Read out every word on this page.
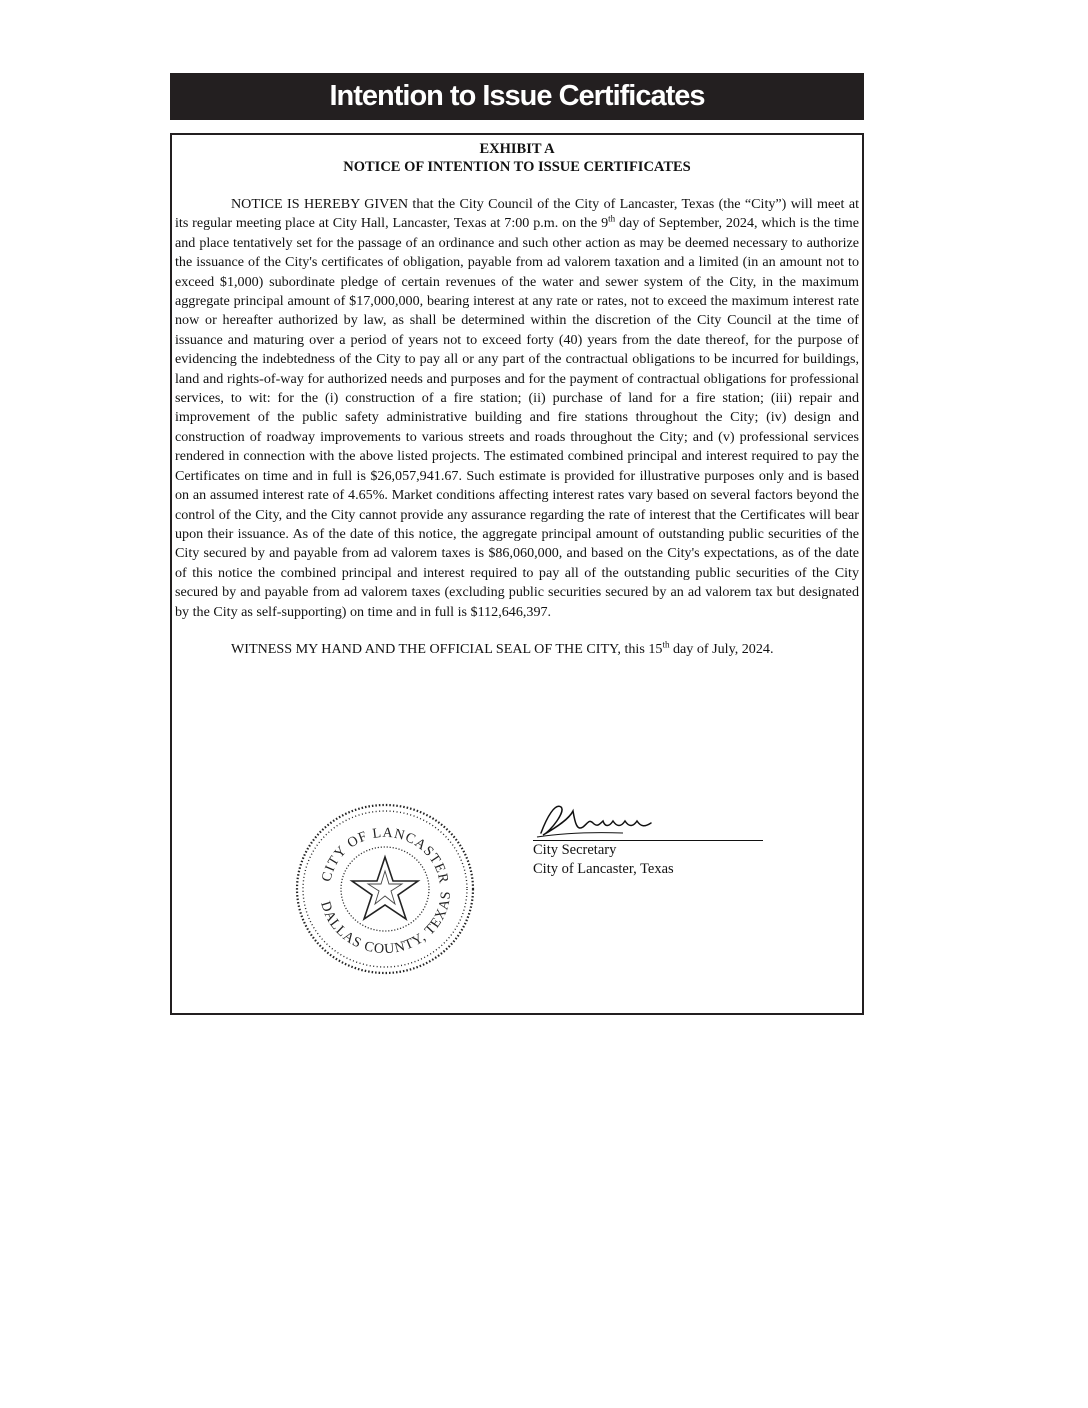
Intention to Issue Certificates
EXHIBIT A
NOTICE OF INTENTION TO ISSUE CERTIFICATES

NOTICE IS HEREBY GIVEN that the City Council of the City of Lancaster, Texas (the “City”) will meet at its regular meeting place at City Hall, Lancaster, Texas at 7:00 p.m. on the 9th day of September, 2024, which is the time and place tentatively set for the passage of an ordinance and such other action as may be deemed necessary to authorize the issuance of the City's certificates of obligation, payable from ad valorem taxation and a limited (in an amount not to exceed $1,000) subordinate pledge of certain revenues of the water and sewer system of the City, in the maximum aggregate principal amount of $17,000,000, bearing interest at any rate or rates, not to exceed the maximum interest rate now or hereafter authorized by law, as shall be determined within the discretion of the City Council at the time of issuance and maturing over a period of years not to exceed forty (40) years from the date thereof, for the purpose of evidencing the indebtedness of the City to pay all or any part of the contractual obligations to be incurred for buildings, land and rights-of-way for authorized needs and purposes and for the payment of contractual obligations for professional services, to wit: for the (i) construction of a fire station; (ii) purchase of land for a fire station; (iii) repair and improvement of the public safety administrative building and fire stations throughout the City; (iv) design and construction of roadway improvements to various streets and roads throughout the City; and (v) professional services rendered in connection with the above listed projects. The estimated combined principal and interest required to pay the Certificates on time and in full is $26,057,941.67. Such estimate is provided for illustrative purposes only and is based on an assumed interest rate of 4.65%. Market conditions affecting interest rates vary based on several factors beyond the control of the City, and the City cannot provide any assurance regarding the rate of interest that the Certificates will bear upon their issuance. As of the date of this notice, the aggregate principal amount of outstanding public securities of the City secured by and payable from ad valorem taxes is $86,060,000, and based on the City's expectations, as of the date of this notice the combined principal and interest required to pay all of the outstanding public securities of the City secured by and payable from ad valorem taxes (excluding public securities secured by an ad valorem tax but designated by the City as self-supporting) on time and in full is $112,646,397.

WITNESS MY HAND AND THE OFFICIAL SEAL OF THE CITY, this 15th day of July, 2024.

CITY OF LANCASTER
DALLAS COUNTY, TEXAS
City Secretary
City of Lancaster, Texas
